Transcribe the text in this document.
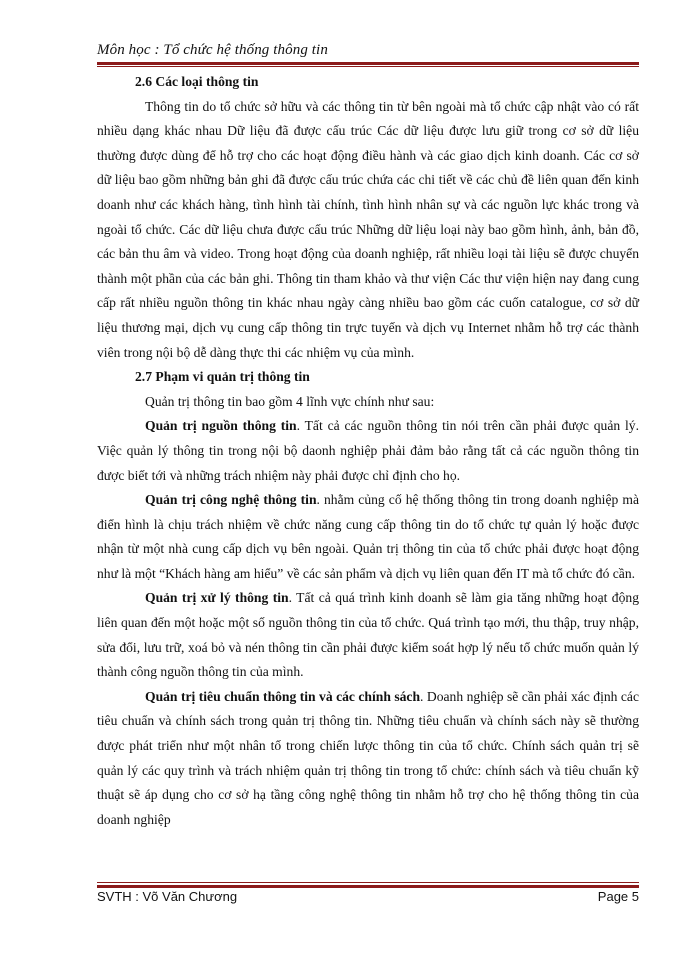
Môn học : Tổ chức hệ thống thông tin

2.6 Các loại thông tin

Thông tin do tổ chức sở hữu và các thông tin từ bên ngoài mà tổ chức cập nhật vào có rất nhiều dạng khác nhau Dữ liệu đã được cấu trúc Các dữ liệu được lưu giữ trong cơ sở dữ liệu thường được dùng để hỗ trợ cho các hoạt động điều hành và các giao dịch kinh doanh. Các cơ sở dữ liệu bao gồm những bản ghi đã được cấu trúc chứa các chi tiết về các chủ đề liên quan đến kinh doanh như các khách hàng, tình hình tài chính, tình hình nhân sự và các nguồn lực khác trong và ngoài tổ chức. Các dữ liệu chưa được cấu trúc Những dữ liệu loại này bao gồm hình, ảnh, bản đồ, các bản thu âm và video. Trong hoạt động của doanh nghiệp, rất nhiều loại tài liệu sẽ được chuyển thành một phần của các bản ghi. Thông tin tham khảo và thư viện Các thư viện hiện nay đang cung cấp rất nhiều nguồn thông tin khác nhau ngày càng nhiều bao gồm các cuốn catalogue, cơ sở dữ liệu thương mại, dịch vụ cung cấp thông tin trực tuyến và dịch vụ Internet nhằm hỗ trợ các thành viên trong nội bộ dễ dàng thực thi các nhiệm vụ của mình.

2.7 Phạm vi quản trị thông tin

Quản trị thông tin bao gồm 4 lĩnh vực chính như sau:

Quản trị nguồn thông tin. Tất cả các nguồn thông tin nói trên cần phải được quản lý. Việc quản lý thông tin trong nội bộ daonh nghiệp phải đảm bảo rằng tất cả các nguồn thông tin được biết tới và những trách nhiệm này phải được chỉ định cho họ.

Quản trị công nghệ thông tin. nhằm củng cố hệ thống thông tin trong doanh nghiệp mà điển hình là chịu trách nhiệm về chức năng cung cấp thông tin do tổ chức tự quản lý hoặc được nhận từ một nhà cung cấp dịch vụ bên ngoài. Quản trị thông tin của tổ chức phải được hoạt động như là một “Khách hàng am hiểu” về các sản phẩm và dịch vụ liên quan đến IT mà tổ chức đó cần.

Quản trị xử lý thông tin. Tất cả quá trình kinh doanh sẽ làm gia tăng những hoạt động liên quan đến một hoặc một số nguồn thông tin của tổ chức. Quá trình tạo mới, thu thập, truy nhập, sửa đổi, lưu trữ, xoá bỏ và nén thông tin cần phải được kiểm soát hợp lý nếu tổ chức muốn quản lý thành công nguồn thông tin của mình.

Quản trị tiêu chuẩn thông tin và các chính sách. Doanh nghiệp sẽ cần phải xác định các tiêu chuẩn và chính sách trong quản trị thông tin. Những tiêu chuẩn và chính sách này sẽ thường được phát triển như một nhân tố trong chiến lược thông tin của tổ chức. Chính sách quản trị sẽ quản lý các quy trình và trách nhiệm quản trị thông tin trong tổ chức: chính sách và tiêu chuẩn kỹ thuật sẽ áp dụng cho cơ sở hạ tầng công nghệ thông tin nhằm hỗ trợ cho hệ thống thông tin của doanh nghiệp

SVTH : Võ Văn Chương	Page 5
